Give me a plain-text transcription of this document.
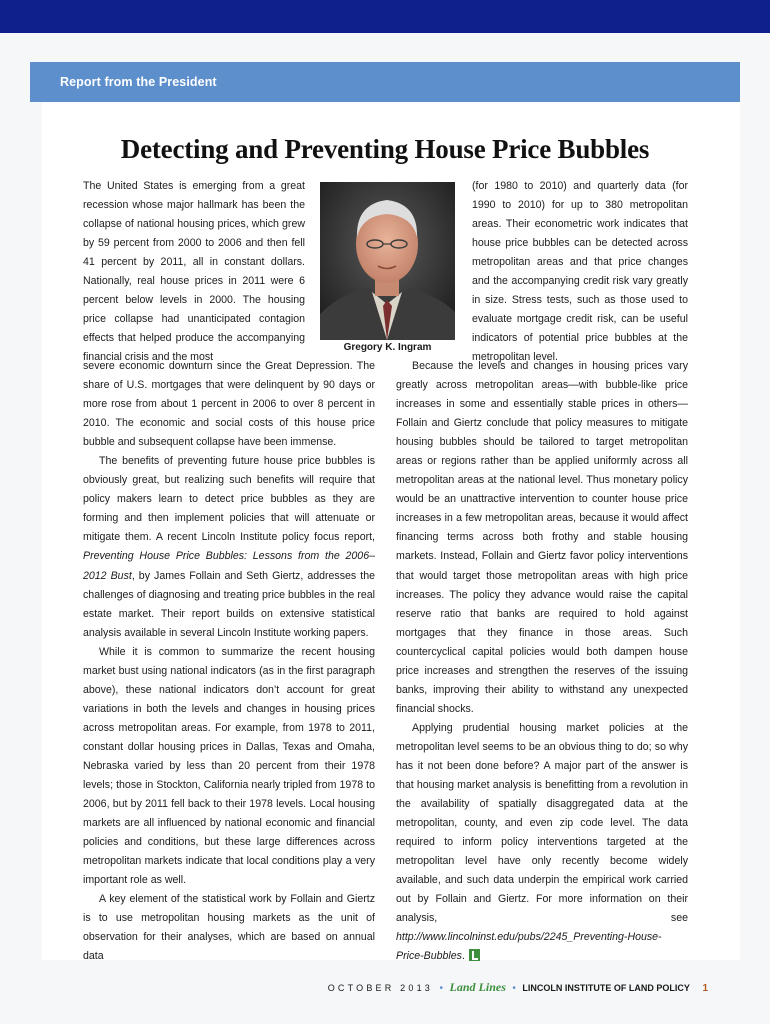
Report from the President
Detecting and Preventing House Price Bubbles

The United States is emerging from a great recession whose major hallmark has been the collapse of national housing prices, which grew by 59 percent from 2000 to 2006 and then fell 41 percent by 2011, all in constant dollars. Nationally, real house prices in 2011 were 6 percent below levels in 2000. The housing price collapse had unanticipated contagion effects that helped produce the accompanying financial crisis and the most

Gregory K. Ingram

severe economic downturn since the Great Depression. The share of U.S. mortgages that were delinquent by 90 days or more rose from about 1 percent in 2006 to over 8 percent in 2010. The economic and social costs of this house price bubble and subsequent collapse have been immense.

The benefits of preventing future house price bubbles is obviously great, but realizing such benefits will require that policy makers learn to detect price bubbles as they are forming and then implement policies that will attenuate or mitigate them. A recent Lincoln Institute policy focus report, Preventing House Price Bubbles: Lessons from the 2006–2012 Bust, by James Follain and Seth Giertz, addresses the challenges of diagnosing and treating price bubbles in the real estate market. Their report builds on extensive statistical analysis available in several Lincoln Institute working papers.

While it is common to summarize the recent housing market bust using national indicators (as in the first paragraph above), these national indicators don’t account for great variations in both the levels and changes in housing prices across metropolitan areas. For example, from 1978 to 2011, constant dollar housing prices in Dallas, Texas and Omaha, Nebraska varied by less than 20 percent from their 1978 levels; those in Stockton, California nearly tripled from 1978 to 2006, but by 2011 fell back to their 1978 levels. Local housing markets are all influenced by national economic and financial policies and conditions, but these large differences across metropolitan markets indicate that local conditions play a very important role as well.

A key element of the statistical work by Follain and Giertz is to use metropolitan housing markets as the unit of observation for their analyses, which are based on annual data

(for 1980 to 2010) and quarterly data (for 1990 to 2010) for up to 380 metropolitan areas. Their econometric work indicates that house price bubbles can be detected across metropolitan areas and that price changes and the accompanying credit risk vary greatly in size. Stress tests, such as those used to evaluate mortgage credit risk, can be useful indicators of potential price bubbles at the metropolitan level.

Because the levels and changes in housing prices vary greatly across metropolitan areas—with bubble-like price increases in some and essentially stable prices in others—Follain and Giertz conclude that policy measures to mitigate housing bubbles should be tailored to target metropolitan areas or regions rather than be applied uniformly across all metropolitan areas at the national level. Thus monetary policy would be an unattractive intervention to counter house price increases in a few metropolitan areas, because it would affect financing terms across both frothy and stable housing markets. Instead, Follain and Giertz favor policy interventions that would target those metropolitan areas with high price increases. The policy they advance would raise the capital reserve ratio that banks are required to hold against mortgages that they finance in those areas. Such countercyclical capital policies would both dampen house price increases and strengthen the reserves of the issuing banks, improving their ability to withstand any unexpected financial shocks.

Applying prudential housing market policies at the metropolitan level seems to be an obvious thing to do; so why has it not been done before? A major part of the answer is that housing market analysis is benefitting from a revolution in the availability of spatially disaggregated data at the metropolitan, county, and even zip code level. The data required to inform policy interventions targeted at the metropolitan level have only recently become widely available, and such data underpin the empirical work carried out by Follain and Giertz. For more information on their analysis, see http://www.lincolninst.edu/pubs/2245_Preventing-House-Price-Bubbles.

OCTOBER 2013 • Land Lines • LINCOLN INSTITUTE OF LAND POLICY 1
